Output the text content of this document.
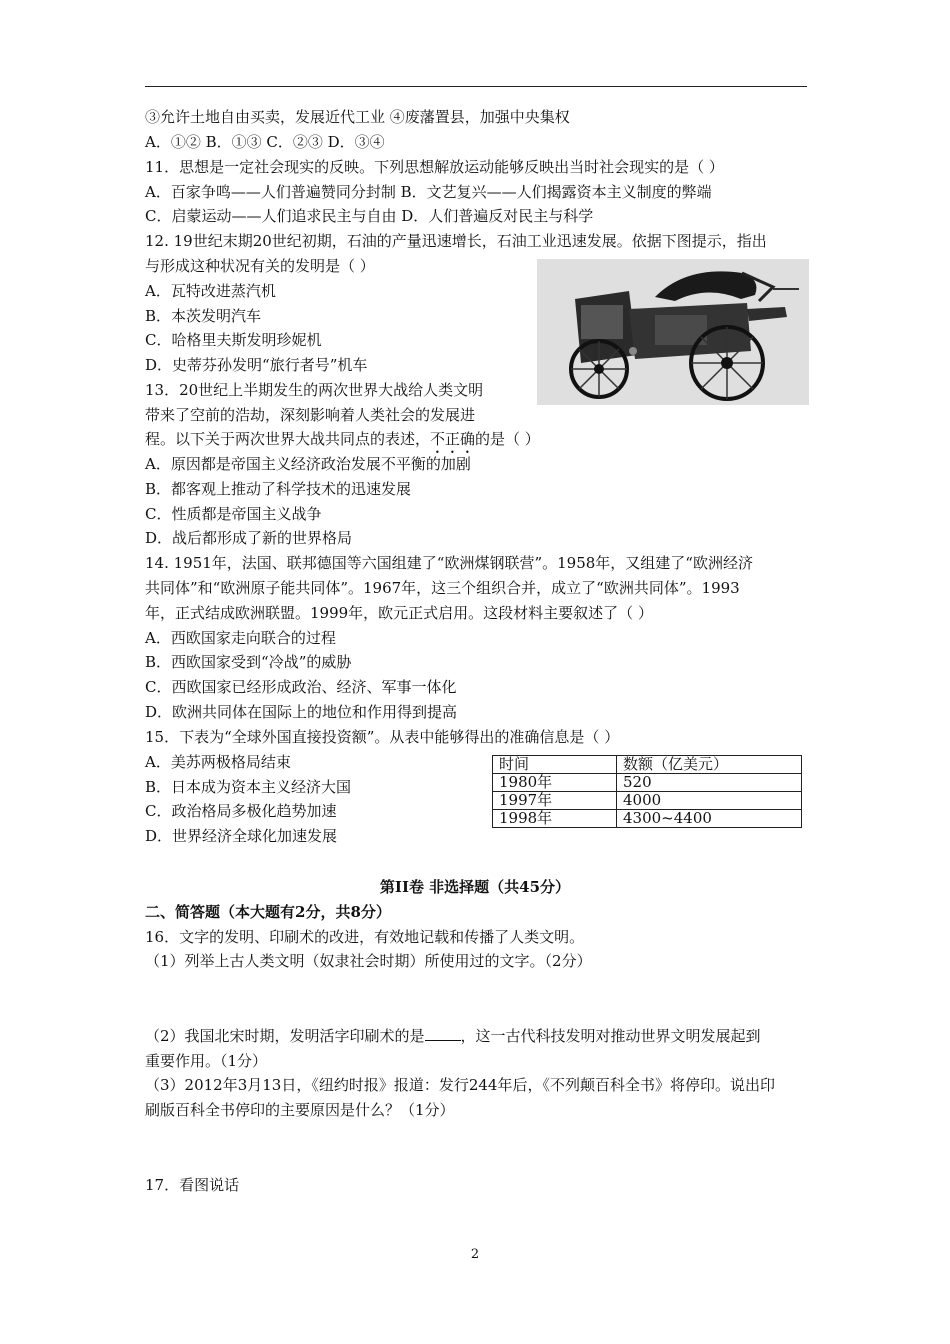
③允许土地自由买卖，发展近代工业 ④废藩置县，加强中央集权
A．①② B．①③ C．②③ D．③④
11．思想是一定社会现实的反映。下列思想解放运动能够反映出当时社会现实的是（ ）
A．百家争鸣——人们普遍赞同分封制 B．文艺复兴——人们揭露资本主义制度的弊端
C．启蒙运动——人们追求民主与自由 D．人们普遍反对民主与科学
12. 19世纪末期20世纪初期，石油的产量迅速增长，石油工业迅速发展。依据下图提示，指出
与形成这种状况有关的发明是（ ）
A．瓦特改进蒸汽机
B．本茨发明汽车
C．哈格里夫斯发明珍妮机
D．史蒂芬孙发明“旅行者号”机车
13．20世纪上半期发生的两次世界大战给人类文明
带来了空前的浩劫，深刻影响着人类社会的发展进
程。以下关于两次世界大战共同点的表述，不正确的是（ ）
A．原因都是帝国主义经济政治发展不平衡的加剧
B．都客观上推动了科学技术的迅速发展
C．性质都是帝国主义战争
D．战后都形成了新的世界格局
14. 1951年，法国、联邦德国等六国组建了“欧洲煤钢联营”。1958年，又组建了“欧洲经济
共同体”和“欧洲原子能共同体”。1967年，这三个组织合并，成立了“欧洲共同体”。1993
年，正式结成欧洲联盟。1999年，欧元正式启用。这段材料主要叙述了（ ）
A．西欧国家走向联合的过程
B．西欧国家受到“冷战”的威胁
C．西欧国家已经形成政治、经济、军事一体化
D．欧洲共同体在国际上的地位和作用得到提高
15．下表为“全球外国直接投资额”。从表中能够得出的准确信息是（ ）
A．美苏两极格局结束
B．日本成为资本主义经济大国
C．政治格局多极化趋势加速
D．世界经济全球化加速发展
时间	数额（亿美元）
1980年	520
1997年	4000
1998年	4300~4400
第II卷 非选择题（共45分）
二、简答题（本大题有2分，共8分）
16．文字的发明、印刷术的改进，有效地记载和传播了人类文明。
（1）列举上古人类文明（奴隶社会时期）所使用过的文字。（2分）
（2）我国北宋时期，发明活字印刷术的是 ，这一古代科技发明对推动世界文明发展起到
重要作用。（1分）
（3）2012年3月13日，《纽约时报》报道：发行244年后，《不列颠百科全书》将停印。说出印
刷版百科全书停印的主要原因是什么？（1分）
17．看图说话
2
